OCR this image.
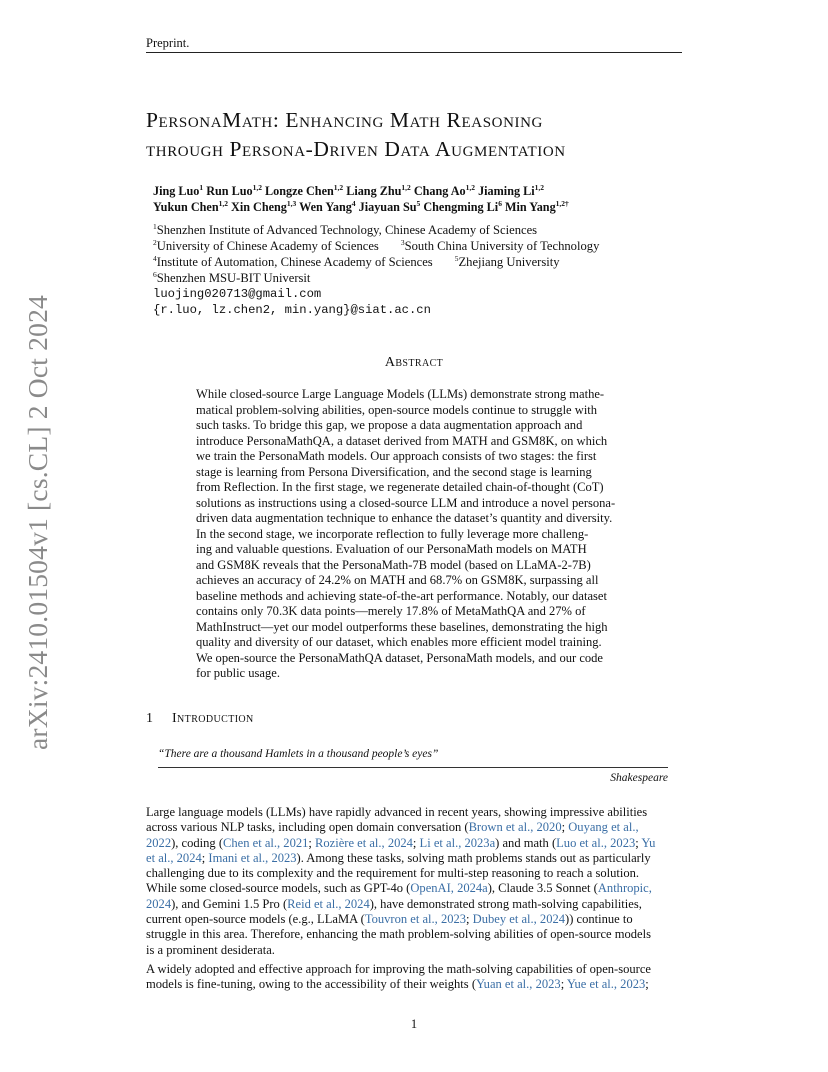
Preprint.
arXiv:2410.01504v1 [cs.CL] 2 Oct 2024
PersonaMath: Enhancing Math Reasoning
through Persona-Driven Data Augmentation
Jing Luo$^1$ Run Luo$^{1,2}$ Longze Chen$^{1,2}$ Liang Zhu$^{1,2}$ Chang Ao$^{1,2}$ Jiaming Li$^{1,2}$
Yukun Chen$^{1,2}$ Xin Cheng$^{1,3}$ Wen Yang$^4$ Jiayuan Su$^5$ Chengming Li$^6$ Min Yang$^{1,2\dagger}$
$^1$Shenzhen Institute of Advanced Technology, Chinese Academy of Sciences
$^2$University of Chinese Academy of Sciences	$^3$South China University of Technology
$^4$Institute of Automation, Chinese Academy of Sciences	$^5$Zhejiang University
$^6$Shenzhen MSU-BIT Universit
luojing020713@gmail.com
{r.luo, lz.chen2, min.yang}@siat.ac.cn
Abstract
While closed-source Large Language Models (LLMs) demonstrate strong mathe-
matical problem-solving abilities, open-source models continue to struggle with
such tasks. To bridge this gap, we propose a data augmentation approach and
introduce PersonaMathQA, a dataset derived from MATH and GSM8K, on which
we train the PersonaMath models. Our approach consists of two stages: the first
stage is learning from Persona Diversification, and the second stage is learning
from Reflection. In the first stage, we regenerate detailed chain-of-thought (CoT)
solutions as instructions using a closed-source LLM and introduce a novel persona-
driven data augmentation technique to enhance the dataset’s quantity and diversity.
In the second stage, we incorporate reflection to fully leverage more challeng-
ing and valuable questions. Evaluation of our PersonaMath models on MATH
and GSM8K reveals that the PersonaMath-7B model (based on LLaMA-2-7B)
achieves an accuracy of 24.2% on MATH and 68.7% on GSM8K, surpassing all
baseline methods and achieving state-of-the-art performance. Notably, our dataset
contains only 70.3K data points—merely 17.8% of MetaMathQA and 27% of
MathInstruct—yet our model outperforms these baselines, demonstrating the high
quality and diversity of our dataset, which enables more efficient model training.
We open-source the PersonaMathQA dataset, PersonaMath models, and our code
for public usage.
1 Introduction
“There are a thousand Hamlets in a thousand people’s eyes”
Shakespeare
Large language models (LLMs) have rapidly advanced in recent years, showing impressive abilities
across various NLP tasks, including open domain conversation (Brown et al., 2020; Ouyang et al.,
2022), coding (Chen et al., 2021; Rozière et al., 2024; Li et al., 2023a) and math (Luo et al., 2023; Yu
et al., 2024; Imani et al., 2023). Among these tasks, solving math problems stands out as particularly
challenging due to its complexity and the requirement for multi-step reasoning to reach a solution.
While some closed-source models, such as GPT-4o (OpenAI, 2024a), Claude 3.5 Sonnet (Anthropic,
2024), and Gemini 1.5 Pro (Reid et al., 2024), have demonstrated strong math-solving capabilities,
current open-source models (e.g., LLaMA (Touvron et al., 2023; Dubey et al., 2024)) continue to
struggle in this area. Therefore, enhancing the math problem-solving abilities of open-source models
is a prominent desiderata.
A widely adopted and effective approach for improving the math-solving capabilities of open-source
models is fine-tuning, owing to the accessibility of their weights (Yuan et al., 2023; Yue et al., 2023;
1
